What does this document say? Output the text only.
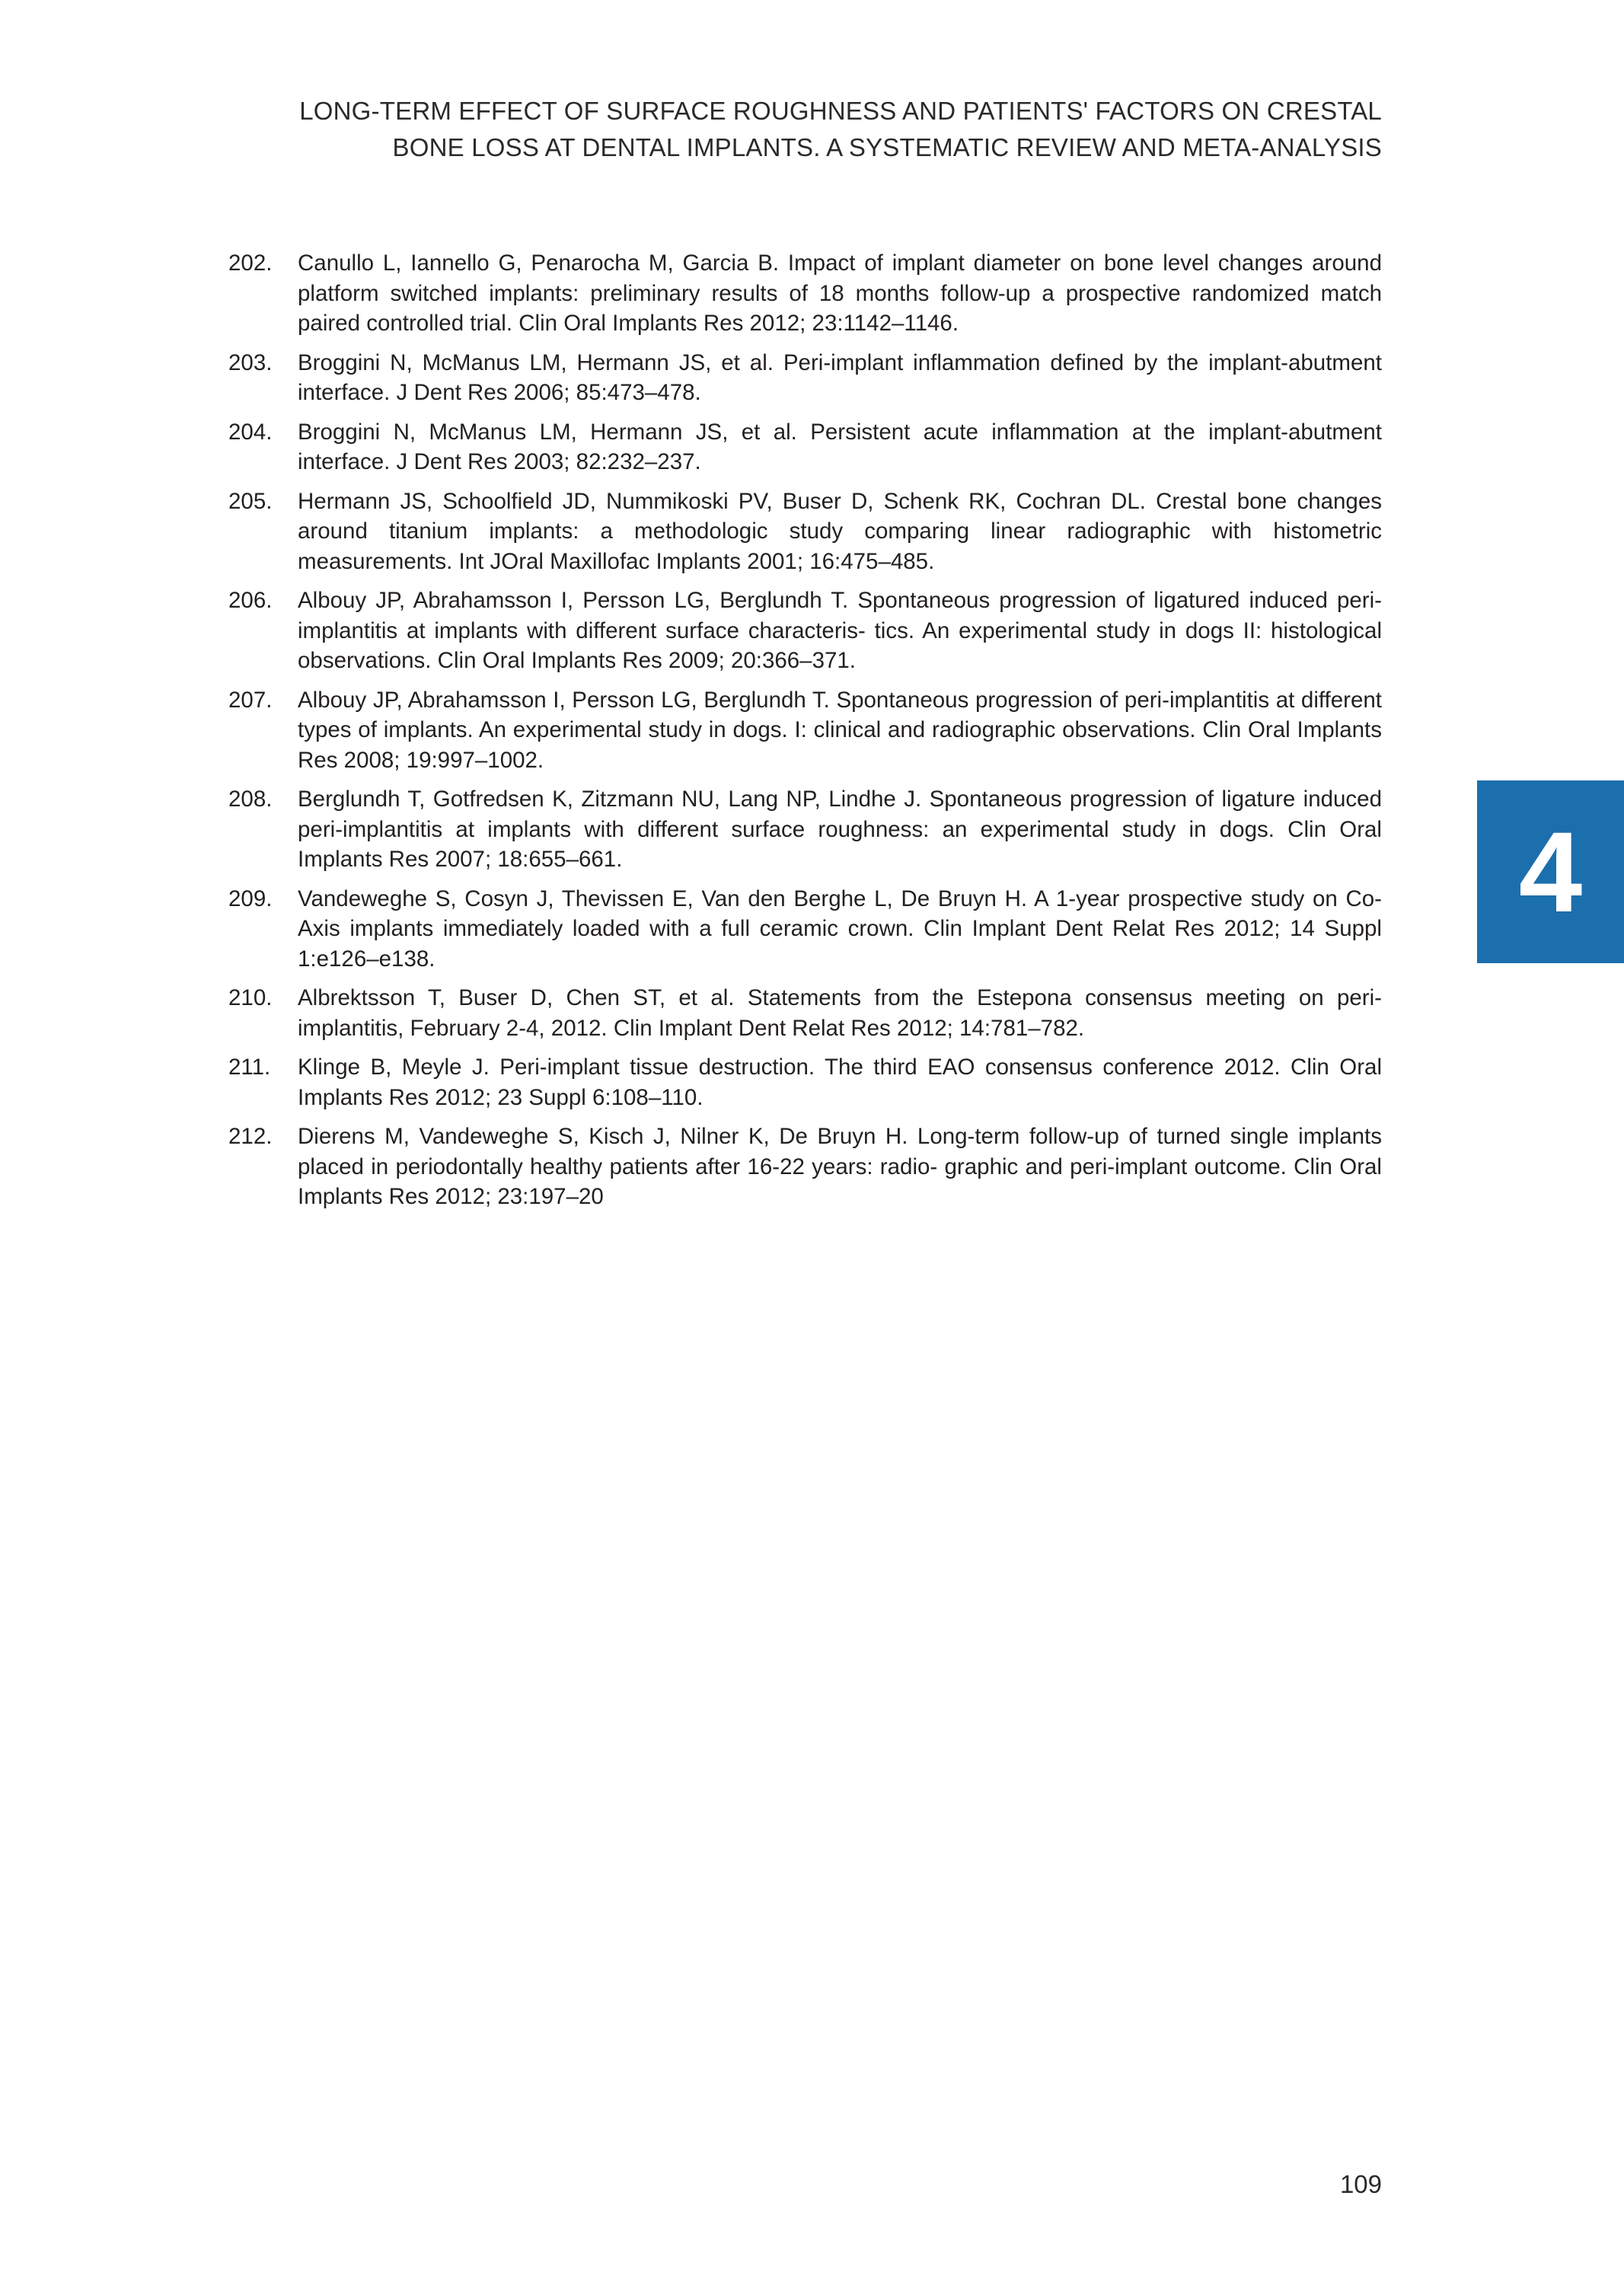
LONG-TERM EFFECT OF SURFACE ROUGHNESS AND PATIENTS' FACTORS ON CRESTAL
BONE LOSS AT DENTAL IMPLANTS. A SYSTEMATIC REVIEW AND META-ANALYSIS
202.	Canullo L, Iannello G, Penarocha M, Garcia B. Impact of implant diameter on bone level changes around platform switched implants: preliminary results of 18 months follow-up a prospective randomized match paired controlled trial. Clin Oral Implants Res 2012; 23:1142–1146.
203.	Broggini N, McManus LM, Hermann JS, et al. Peri-implant inflammation defined by the implant-abutment interface. J Dent Res 2006; 85:473–478.
204.	Broggini N, McManus LM, Hermann JS, et al. Persistent acute inflammation at the implant-abutment interface. J Dent Res 2003; 82:232–237.
205.	Hermann JS, Schoolfield JD, Nummikoski PV, Buser D, Schenk RK, Cochran DL. Crestal bone changes around titanium implants: a methodologic study comparing linear radiographic with histometric measurements. Int JOral Maxillofac Implants 2001; 16:475–485.
206.	Albouy JP, Abrahamsson I, Persson LG, Berglundh T. Spontaneous progression of ligatured induced peri- implantitis at implants with different surface characteris- tics. An experimental study in dogs II: histological observations. Clin Oral Implants Res 2009; 20:366–371.
207.	Albouy JP, Abrahamsson I, Persson LG, Berglundh T. Spontaneous progression of peri-implantitis at different types of implants. An experimental study in dogs. I: clinical and radiographic observations. Clin Oral Implants Res 2008; 19:997–1002.
208.	Berglundh T, Gotfredsen K, Zitzmann NU, Lang NP, Lindhe J. Spontaneous progression of ligature induced peri-implantitis at implants with different surface roughness: an experimental study in dogs. Clin Oral Implants Res 2007; 18:655–661.
209.	Vandeweghe S, Cosyn J, Thevissen E, Van den Berghe L, De Bruyn H. A 1-year prospective study on Co-Axis implants immediately loaded with a full ceramic crown. Clin Implant Dent Relat Res 2012; 14 Suppl 1:e126–e138.
210.	Albrektsson T, Buser D, Chen ST, et al. Statements from the Estepona consensus meeting on peri-implantitis, February 2-4, 2012. Clin Implant Dent Relat Res 2012; 14:781–782.
211.	Klinge B, Meyle J. Peri-implant tissue destruction. The third EAO consensus conference 2012. Clin Oral Implants Res 2012; 23 Suppl 6:108–110.
212.	Dierens M, Vandeweghe S, Kisch J, Nilner K, De Bruyn H. Long-term follow-up of turned single implants placed in periodontally healthy patients after 16-22 years: radio- graphic and peri-implant outcome. Clin Oral Implants Res 2012; 23:197–20
4
109
